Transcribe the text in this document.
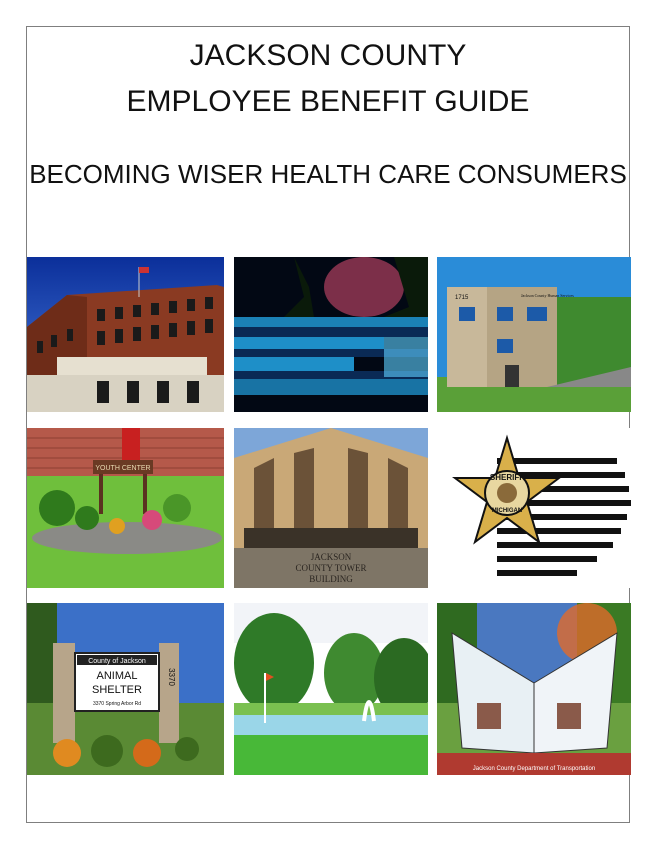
JACKSON COUNTY
EMPLOYEE BENEFIT GUIDE
BECOMING WISER HEALTH CARE CONSUMERS
1715	Jackson County Human Services
YOUTH CENTER
JACKSON
COUNTY TOWER
BUILDING
SHERIFF
MICHIGAN
County of Jackson
ANIMAL
SHELTER
3370 Spring Arbor Rd
3370
Jackson County Department of Transportation
